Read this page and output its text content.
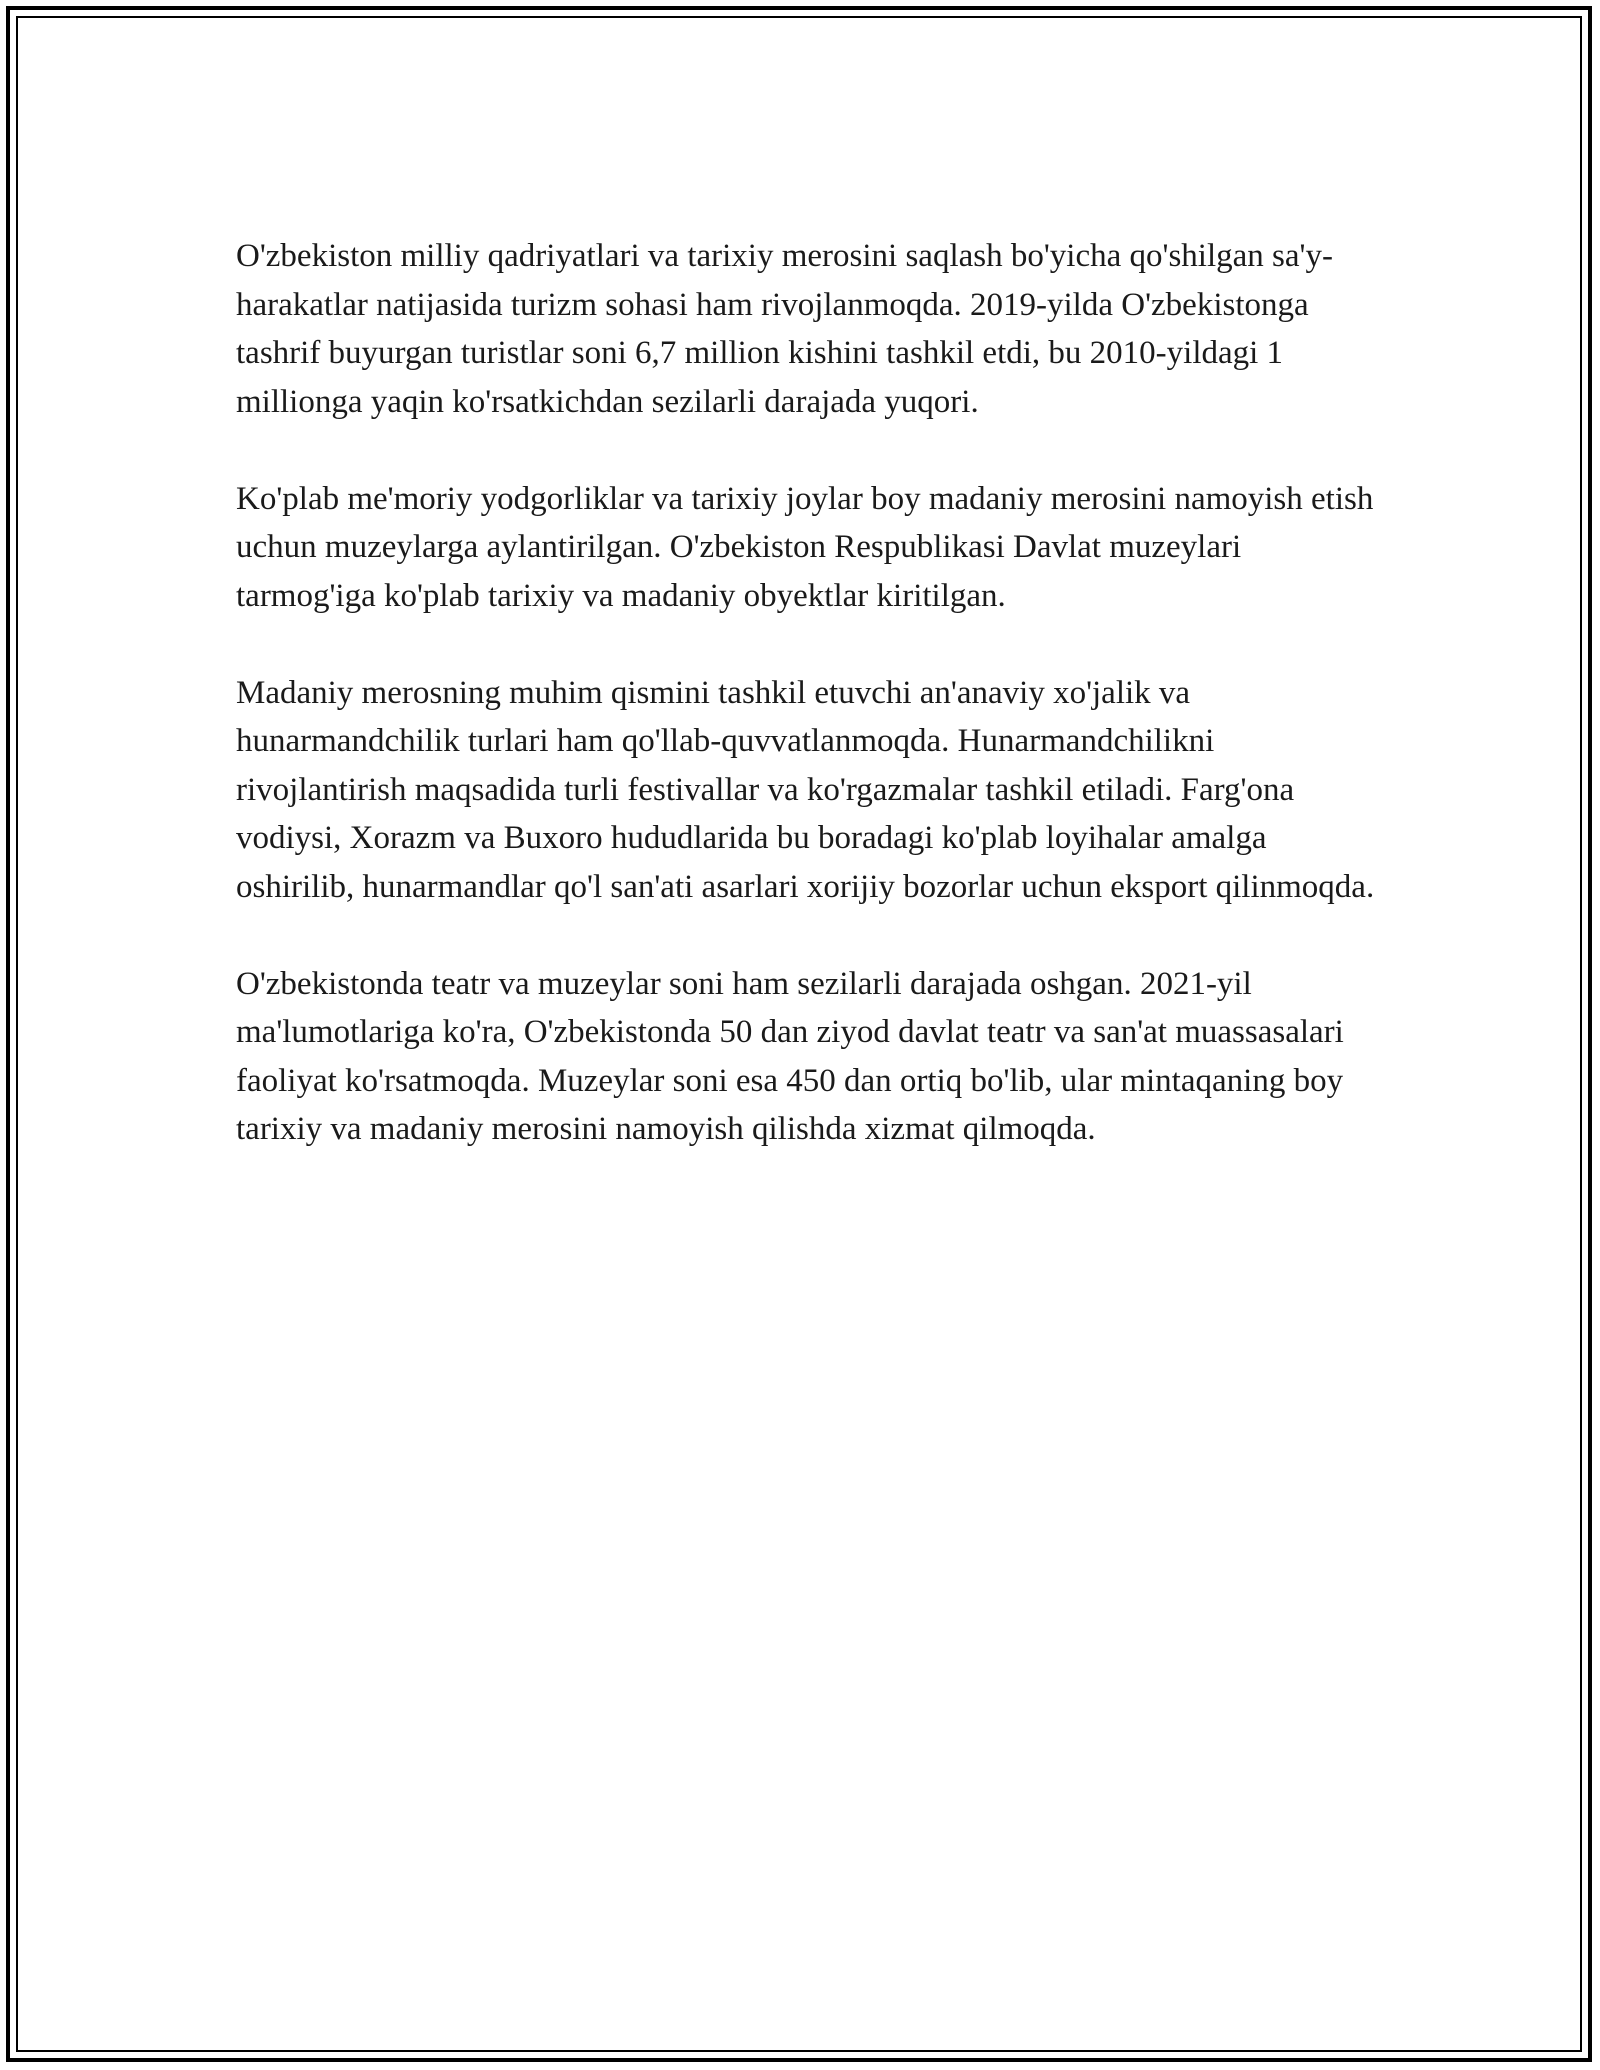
O'zbekiston milliy qadriyatlari va tarixiy merosini saqlash bo'yicha qo'shilgan sa'y-harakatlar natijasida turizm sohasi ham rivojlanmoqda. 2019-yilda O'zbekistonga tashrif buyurgan turistlar soni 6,7 million kishini tashkil etdi, bu 2010-yildagi 1 millionga yaqin ko'rsatkichdan sezilarli darajada yuqori.

Ko'plab me'moriy yodgorliklar va tarixiy joylar boy madaniy merosini namoyish etish uchun muzeylarga aylantirilgan. O'zbekiston Respublikasi Davlat muzeylari tarmog'iga ko'plab tarixiy va madaniy obyektlar kiritilgan.

Madaniy merosning muhim qismini tashkil etuvchi an'anaviy xo'jalik va hunarmandchilik turlari ham qo'llab-quvvatlanmoqda. Hunarmandchilikni rivojlantirish maqsadida turli festivallar va ko'rgazmalar tashkil etiladi. Farg'ona vodiysi, Xorazm va Buxoro hududlarida bu boradagi ko'plab loyihalar amalga oshirilib, hunarmandlar qo'l san'ati asarlari xorijiy bozorlar uchun eksport qilinmoqda.

O'zbekistonda teatr va muzeylar soni ham sezilarli darajada oshgan. 2021-yil ma'lumotlariga ko'ra, O'zbekistonda 50 dan ziyod davlat teatr va san'at muassasalari faoliyat ko'rsatmoqda. Muzeylar soni esa 450 dan ortiq bo'lib, ular mintaqaning boy tarixiy va madaniy merosini namoyish qilishda xizmat qilmoqda.
